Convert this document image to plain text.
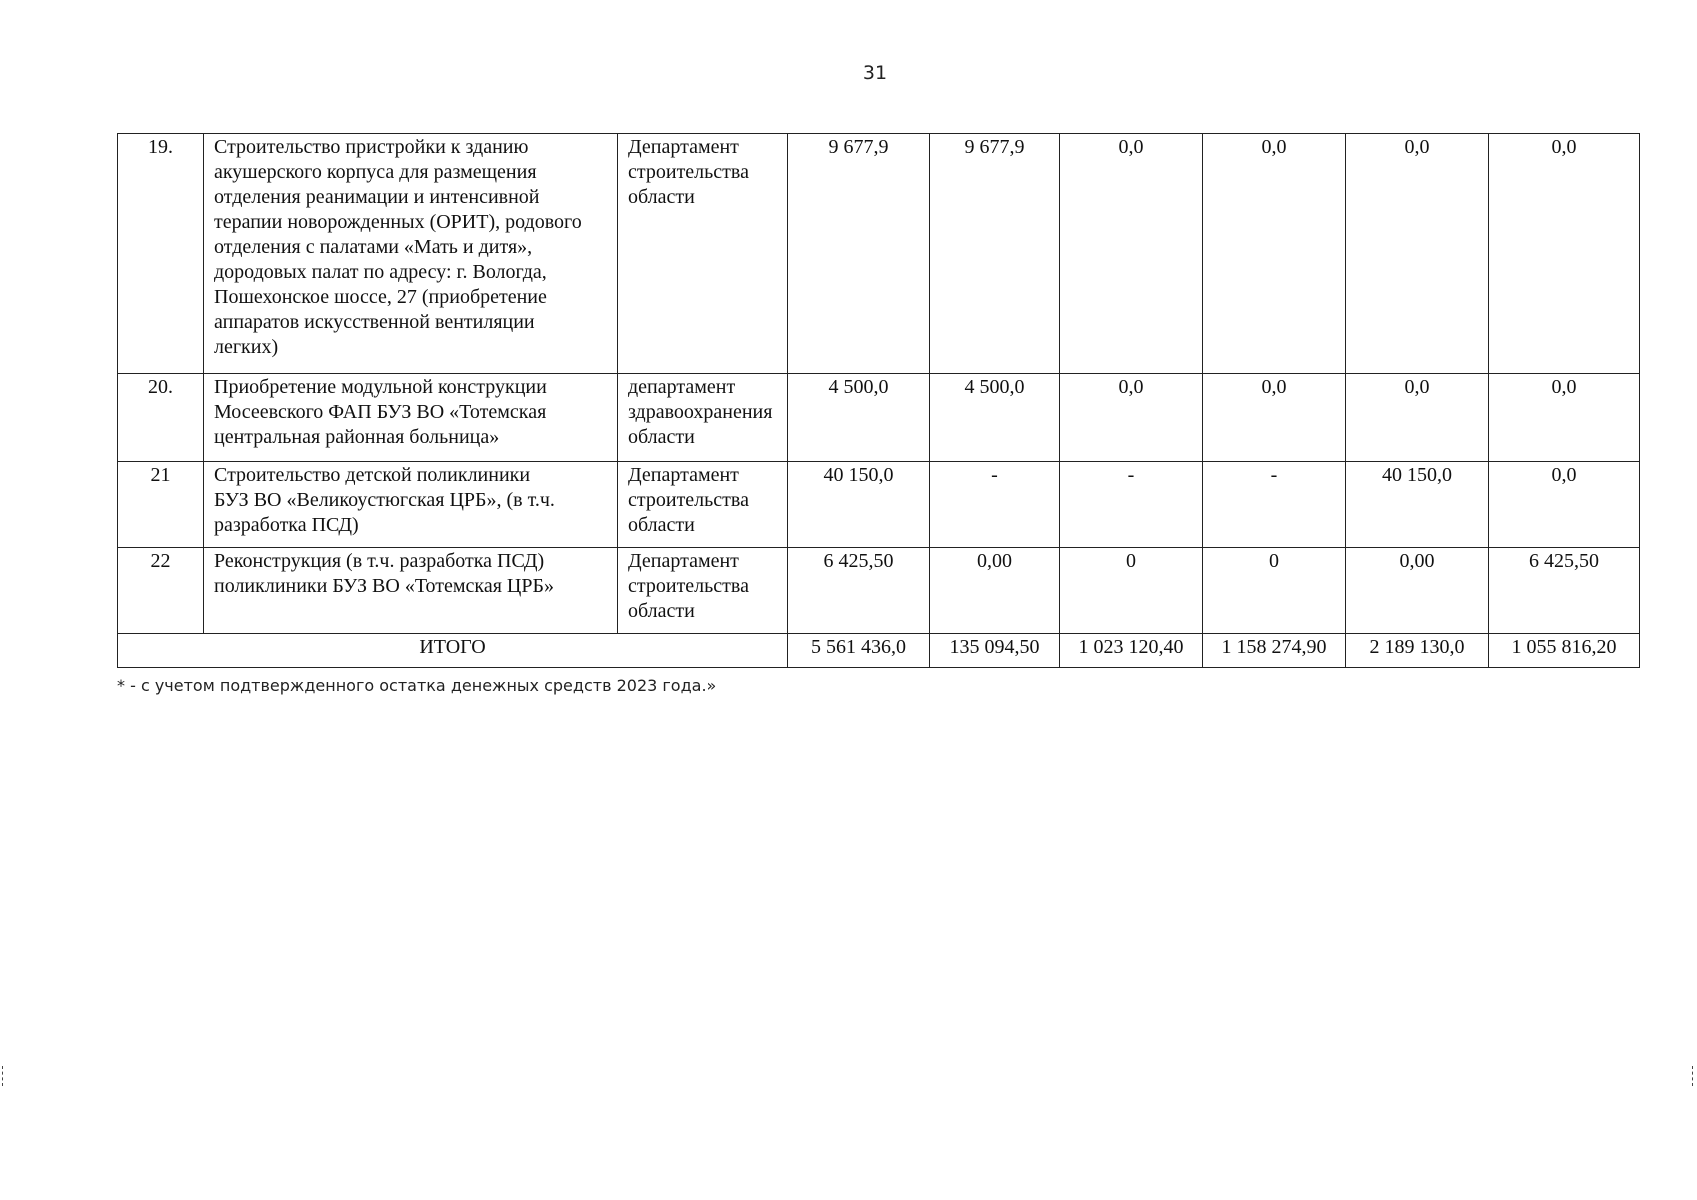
31
19.	Строительство пристройки к зданию акушерского корпуса для размещения отделения реанимации и интенсивной терапии новорожденных (ОРИТ), родового отделения с палатами «Мать и дитя», дородовых палат по адресу: г. Вологда, Пошехонское шоссе, 27 (приобретение аппаратов искусственной вентиляции легких)	Департамент строительства области	9 677,9	9 677,9	0,0	0,0	0,0	0,0
20.	Приобретение модульной конструкции Мосеевского ФАП БУЗ ВО «Тотемская центральная районная больница»	департамент здравоохранения области	4 500,0	4 500,0	0,0	0,0	0,0	0,0
21	Строительство детской поликлиники БУЗ ВО «Великоустюгская ЦРБ», (в т.ч. разработка ПСД)	Департамент строительства области	40 150,0	-	-	-	40 150,0	0,0
22	Реконструкция (в т.ч. разработка ПСД) поликлиники БУЗ ВО «Тотемская ЦРБ»	Департамент строительства области	6 425,50	0,00	0	0	0,00	6 425,50
ИТОГО			5 561 436,0	135 094,50	1 023 120,40	1 158 274,90	2 189 130,0	1 055 816,20
* - с учетом подтвержденного остатка денежных средств 2023 года.»
